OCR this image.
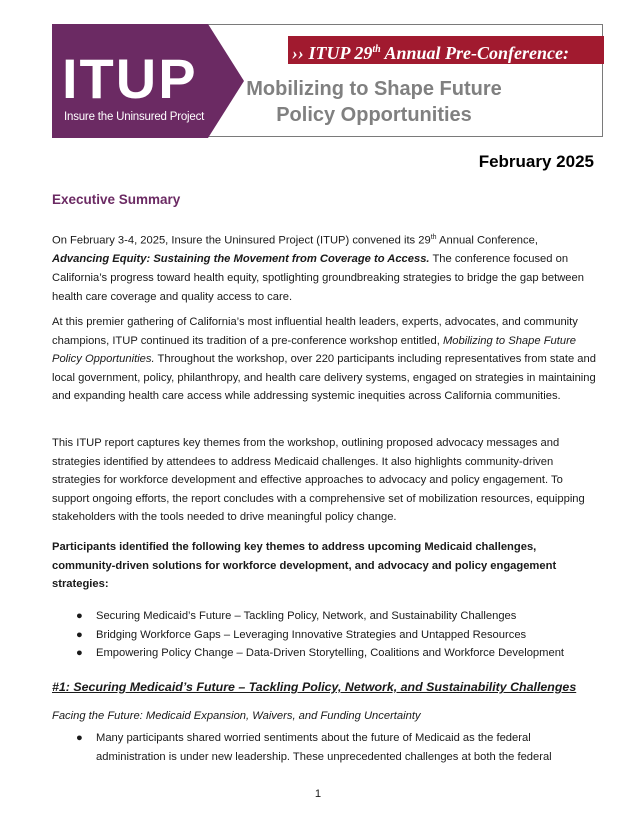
ITUP
Insure the Uninsured Project
›› ITUP 29th Annual Pre-Conference:
Mobilizing to Shape Future
Policy Opportunities
February 2025
Executive Summary
On February 3-4, 2025, Insure the Uninsured Project (ITUP) convened its 29th Annual Conference, Advancing Equity: Sustaining the Movement from Coverage to Access. The conference focused on California’s progress toward health equity, spotlighting groundbreaking strategies to bridge the gap between health care coverage and quality access to care.
At this premier gathering of California’s most influential health leaders, experts, advocates, and community champions, ITUP continued its tradition of a pre-conference workshop entitled, Mobilizing to Shape Future Policy Opportunities. Throughout the workshop, over 220 participants including representatives from state and local government, policy, philanthropy, and health care delivery systems, engaged on strategies in maintaining and expanding health care access while addressing systemic inequities across California communities.
This ITUP report captures key themes from the workshop, outlining proposed advocacy messages and strategies identified by attendees to address Medicaid challenges. It also highlights community-driven strategies for workforce development and effective approaches to advocacy and policy engagement. To support ongoing efforts, the report concludes with a comprehensive set of mobilization resources, equipping stakeholders with the tools needed to drive meaningful policy change.
Participants identified the following key themes to address upcoming Medicaid challenges, community-driven solutions for workforce development, and advocacy and policy engagement strategies:
● Securing Medicaid’s Future – Tackling Policy, Network, and Sustainability Challenges
● Bridging Workforce Gaps – Leveraging Innovative Strategies and Untapped Resources
● Empowering Policy Change – Data-Driven Storytelling, Coalitions and Workforce Development
#1: Securing Medicaid’s Future – Tackling Policy, Network, and Sustainability Challenges
Facing the Future: Medicaid Expansion, Waivers, and Funding Uncertainty
●	Many participants shared worried sentiments about the future of Medicaid as the federal administration is under new leadership. These unprecedented challenges at both the federal
1
